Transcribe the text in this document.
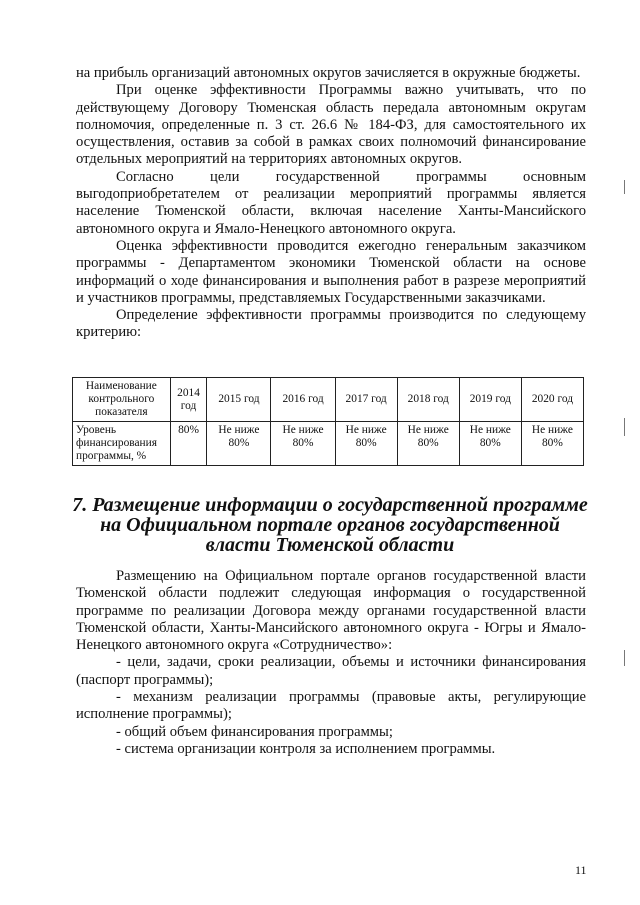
на прибыль организаций автономных округов зачисляется в окружные бюджеты.

При оценке эффективности Программы важно учитывать, что по действующему Договору Тюменская область передала автономным округам полномочия, определенные п. 3 ст. 26.6 № 184-ФЗ, для самостоятельного их осуществления, оставив за собой в рамках своих полномочий финансирование отдельных мероприятий на территориях автономных округов.

Согласно цели государственной программы основным выгодоприобретателем от реализации мероприятий программы является население Тюменской области, включая население Ханты-Мансийского автономного округа и Ямало-Ненецкого автономного округа.

Оценка эффективности проводится ежегодно генеральным заказчиком программы - Департаментом экономики Тюменской области на основе информаций о ходе финансирования и выполнения работ в разрезе мероприятий и участников программы, представляемых Государственными заказчиками.

Определение эффективности программы производится по следующему критерию:

Наименование контрольного показателя	2014 год	2015 год	2016 год	2017 год	2018 год	2019 год	2020 год
Уровень финансирования программы, %	80%	Не ниже 80%	Не ниже 80%	Не ниже 80%	Не ниже 80%	Не ниже 80%	Не ниже 80%
7. Размещение информации о государственной программе на Официальном портале органов государственной власти Тюменской области

Размещению на Официальном портале органов государственной власти Тюменской области подлежит следующая информация о государственной программе по реализации Договора между органами государственной власти Тюменской области, Ханты-Мансийского автономного округа - Югры и Ямало-Ненецкого автономного округа «Сотрудничество»:

- цели, задачи, сроки реализации, объемы и источники финансирования (паспорт программы);

- механизм реализации программы (правовые акты, регулирующие исполнение программы);

- общий объем финансирования программы;

- система организации контроля за исполнением программы.

11
